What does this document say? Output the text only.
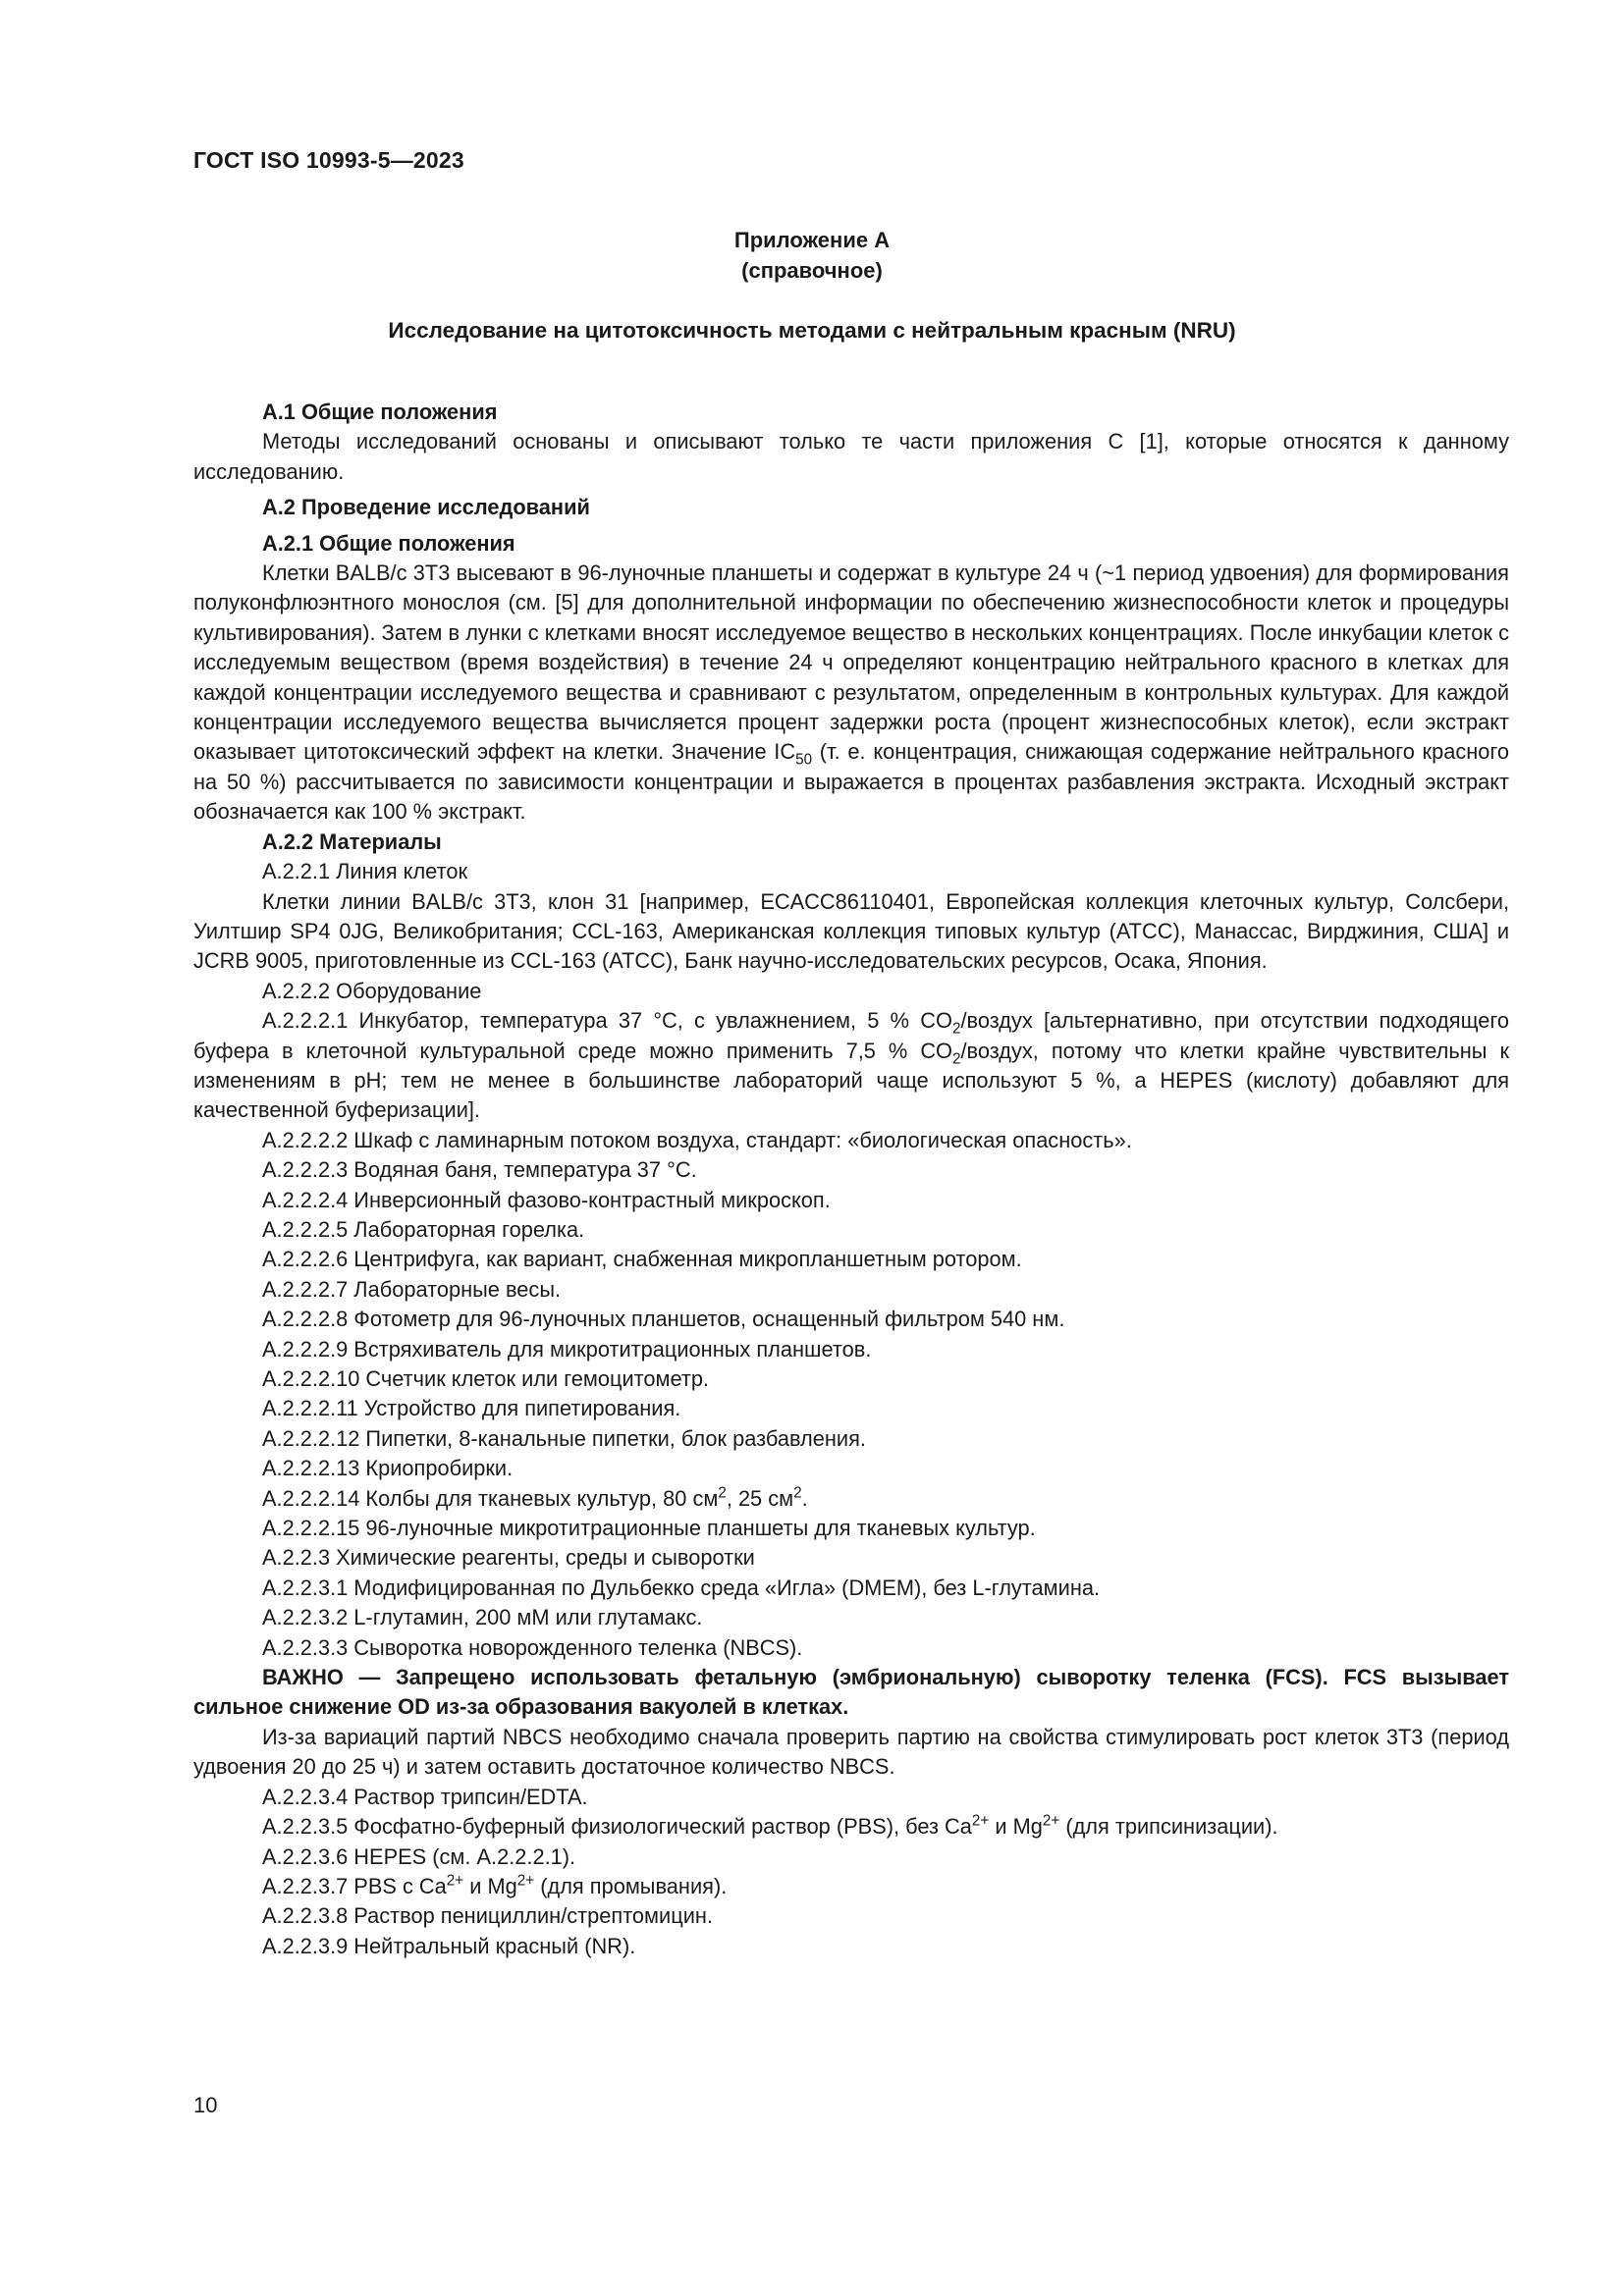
ГОСТ ISO 10993-5—2023
Приложение А
(справочное)
Исследование на цитотоксичность методами с нейтральным красным (NRU)

А.1 Общие положения

Методы исследований основаны и описывают только те части приложения С [1], которые относятся к данному исследованию.

А.2 Проведение исследований

А.2.1 Общие положения

Клетки BALB/c 3T3 высевают в 96-луночные планшеты и содержат в культуре 24 ч (~1 период удвоения) для формирования полуконфлюэнтного монослоя (см. [5] для дополнительной информации по обеспечению жизнеспособности клеток и процедуры культивирования). Затем в лунки с клетками вносят исследуемое вещество в нескольких концентрациях. После инкубации клеток с исследуемым веществом (время воздействия) в течение 24 ч определяют концентрацию нейтрального красного в клетках для каждой концентрации исследуемого вещества и сравнивают с результатом, определенным в контрольных культурах. Для каждой концентрации исследуемого вещества вычисляется процент задержки роста (процент жизнеспособных клеток), если экстракт оказывает цитотоксический эффект на клетки. Значение $IC_{50}$ (т. е. концентрация, снижающая содержание нейтрального красного на 50 %) рассчитывается по зависимости концентрации и выражается в процентах разбавления экстракта. Исходный экстракт обозначается как 100 % экстракт.

А.2.2 Материалы

А.2.2.1 Линия клеток

Клетки линии BALB/c 3T3, клон 31 [например, ECACC86110401, Европейская коллекция клеточных культур, Солсбери, Уилтшир SP4 0JG, Великобритания; CCL-163, Американская коллекция типовых культур (АТСС), Манассас, Вирджиния, США] и JCRB 9005, приготовленные из CCL-163 (АТСС), Банк научно-исследовательских ресурсов, Осака, Япония.

А.2.2.2 Оборудование

А.2.2.2.1 Инкубатор, температура 37 °С, с увлажнением, 5 % $CO_2$/воздух [альтернативно, при отсутствии подходящего буфера в клеточной культуральной среде можно применить 7,5 % $CO_2$/воздух, потому что клетки крайне чувствительны к изменениям в pH; тем не менее в большинстве лабораторий чаще используют 5 %, а HEPES (кислоту) добавляют для качественной буферизации].

А.2.2.2.2 Шкаф с ламинарным потоком воздуха, стандарт: «биологическая опасность».

А.2.2.2.3 Водяная баня, температура 37 °С.

А.2.2.2.4 Инверсионный фазово-контрастный микроскоп.

А.2.2.2.5 Лабораторная горелка.

А.2.2.2.6 Центрифуга, как вариант, снабженная микропланшетным ротором.

А.2.2.2.7 Лабораторные весы.

А.2.2.2.8 Фотометр для 96-луночных планшетов, оснащенный фильтром 540 нм.

А.2.2.2.9 Встряхиватель для микротитрационных планшетов.

А.2.2.2.10 Счетчик клеток или гемоцитометр.

А.2.2.2.11 Устройство для пипетирования.

А.2.2.2.12 Пипетки, 8-канальные пипетки, блок разбавления.

А.2.2.2.13 Криопробирки.

А.2.2.2.14 Колбы для тканевых культур, 80 $см^2$, 25 $см^2$.

А.2.2.2.15 96-луночные микротитрационные планшеты для тканевых культур.

А.2.2.3 Химические реагенты, среды и сыворотки

А.2.2.3.1 Модифицированная по Дульбекко среда «Игла» (DMEM), без L-глутамина.

А.2.2.3.2 L-глутамин, 200 мМ или глутамакс.

А.2.2.3.3 Сыворотка новорожденного теленка (NBCS).

ВАЖНО — Запрещено использовать фетальную (эмбриональную) сыворотку теленка (FCS). FCS вызывает сильное снижение OD из-за образования вакуолей в клетках.

Из-за вариаций партий NBCS необходимо сначала проверить партию на свойства стимулировать рост клеток 3T3 (период удвоения 20 до 25 ч) и затем оставить достаточное количество NBCS.

А.2.2.3.4 Раствор трипсин/EDTA.

А.2.2.3.5 Фосфатно-буферный физиологический раствор (PBS), без $Ca^{2+}$ и $Mg^{2+}$ (для трипсинизации).

А.2.2.3.6 HEPES (см. А.2.2.2.1).

А.2.2.3.7 PBS с $Ca^{2+}$ и $Mg^{2+}$ (для промывания).

А.2.2.3.8 Раствор пенициллин/стрептомицин.

А.2.2.3.9 Нейтральный красный (NR).

10
